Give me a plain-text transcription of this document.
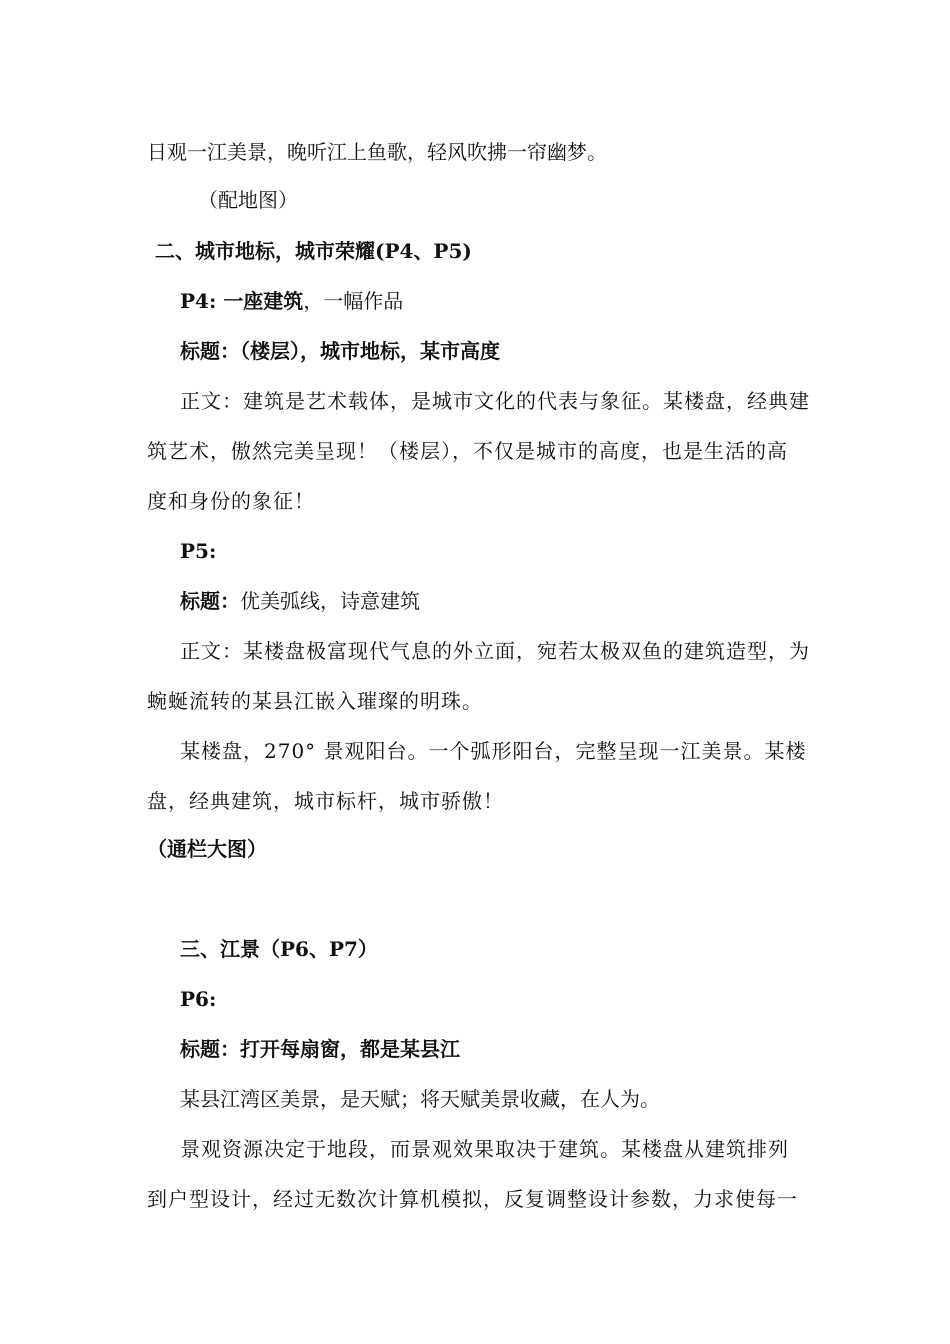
日观一江美景，晚听江上鱼歌，轻风吹拂一帘幽梦。
（配地图）
二、城市地标，城市荣耀(P4、P5)
P4: 一座建筑，一幅作品
标题：（楼层），城市地标，某市高度
正文：建筑是艺术载体，是城市文化的代表与象征。某楼盘，经典建
筑艺术，傲然完美呈现！（楼层），不仅是城市的高度，也是生活的高
度和身份的象征！
P5:
标题：优美弧线，诗意建筑
正文：某楼盘极富现代气息的外立面，宛若太极双鱼的建筑造型，为
蜿蜒流转的某县江嵌入璀璨的明珠。
某楼盘，270° 景观阳台。一个弧形阳台，完整呈现一江美景。某楼
盘，经典建筑，城市标杆，城市骄傲！
（通栏大图）
三、江景（P6、P7）
P6:
标题：打开每扇窗，都是某县江
某县江湾区美景，是天赋；将天赋美景收藏，在人为。
景观资源决定于地段，而景观效果取决于建筑。某楼盘从建筑排列
到户型设计，经过无数次计算机模拟，反复调整设计参数，力求使每一
